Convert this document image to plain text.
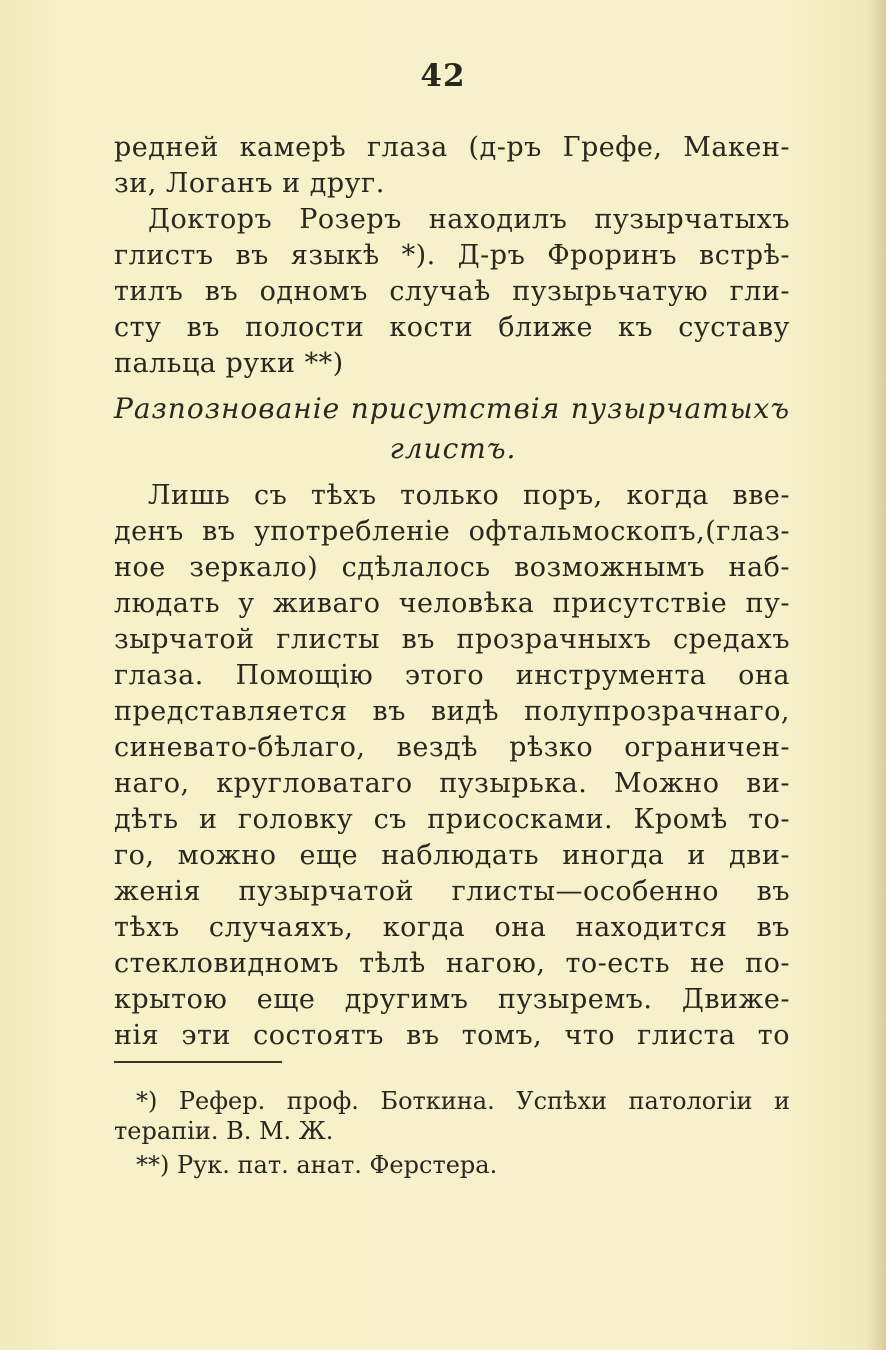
42
редней камерѣ глаза (д-ръ Грефе, Макен-
зи, Логанъ и друг.
Докторъ Розеръ находилъ пузырчатыхъ
глистъ въ языкѣ *). Д-ръ Фроринъ встрѣ-
тилъ въ одномъ случаѣ пузырьчатую гли-
сту въ полости кости ближе къ суставу
пальца руки **)
Разпознованіе присутствія пузырчатыхъ
глистъ.
Лишь съ тѣхъ только поръ, когда вве-
денъ въ употребленіе офтальмоскопъ,(глаз-
ное зеркало) сдѣлалось возможнымъ наб-
людать у живаго человѣка присутствіе пу-
зырчатой глисты въ прозрачныхъ средахъ
глаза. Помощію этого инструмента она
представляется въ видѣ полупрозрачнаго,
синевато-бѣлаго, вездѣ рѣзко ограничен-
наго, кругловатаго пузырька. Можно ви-
дѣть и головку съ присосками. Кромѣ то-
го, можно еще наблюдать иногда и дви-
женія пузырчатой глисты—особенно въ
тѣхъ случаяхъ, когда она находится въ
стекловидномъ тѣлѣ нагою, то-есть не по-
крытою еще другимъ пузыремъ. Движе-
нія эти состоятъ въ томъ, что глиста то
*) Рефер. проф. Боткина. Успѣхи патологіи и
терапіи. В. М. Ж.
**) Рук. пат. анат. Ферстера.
